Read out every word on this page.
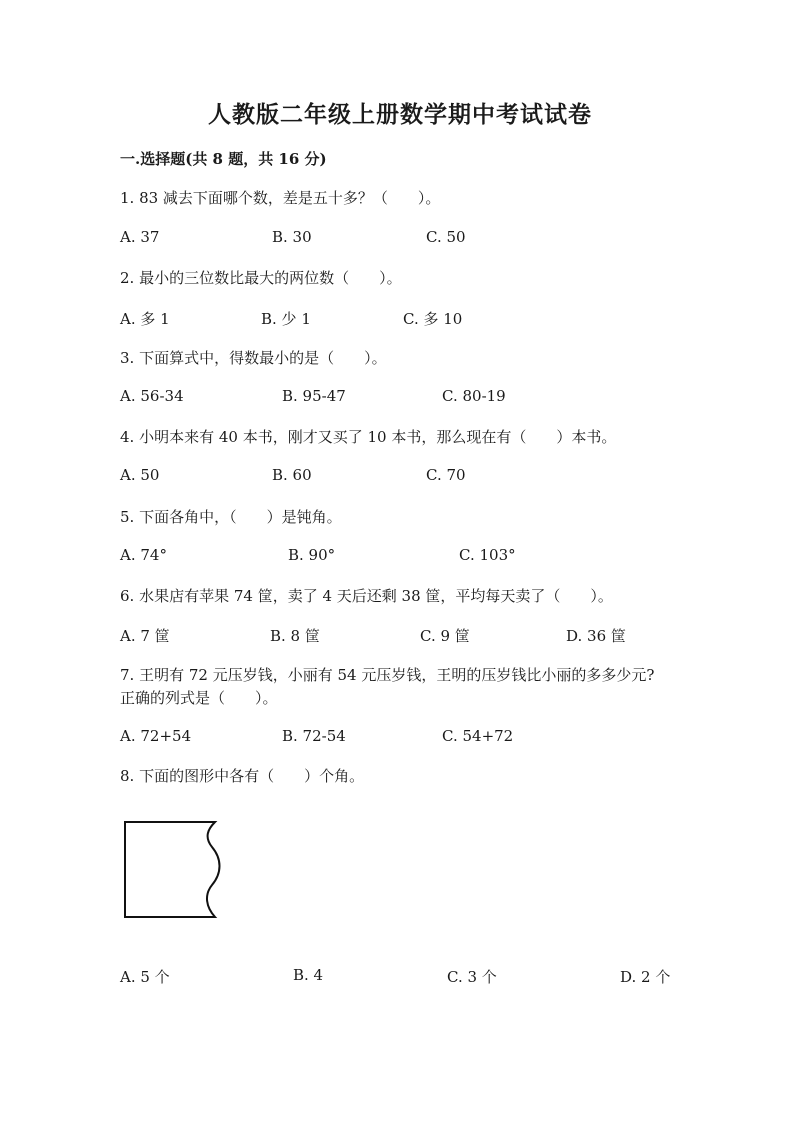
人教版二年级上册数学期中考试试卷

一.选择题(共 8 题，共 16 分)

1. 83 减去下面哪个数，差是五十多？（　　）。

A. 37	B. 30	C. 50

2. 最小的三位数比最大的两位数（　　）。

A. 多 1	B. 少 1	C. 多 10

3. 下面算式中，得数最小的是（　　）。

A. 56-34	B. 95-47	C. 80-19

4. 小明本来有 40 本书，刚才又买了 10 本书，那么现在有（　　）本书。

A. 50	B. 60	C. 70

5. 下面各角中，（　　）是钝角。

A. 74°	B. 90°	C. 103°

6. 水果店有苹果 74 筐，卖了 4 天后还剩 38 筐，平均每天卖了（　　）。

A. 7 筐	B. 8 筐	C. 9 筐	D. 36 筐

7. 王明有 72 元压岁钱，小丽有 54 元压岁钱，王明的压岁钱比小丽的多多少元?

正确的列式是（　　）。

A. 72+54	B. 72-54	C. 54+72

8. 下面的图形中各有（　　）个角。

A. 5 个	B. 4	C. 3 个	D. 2 个
